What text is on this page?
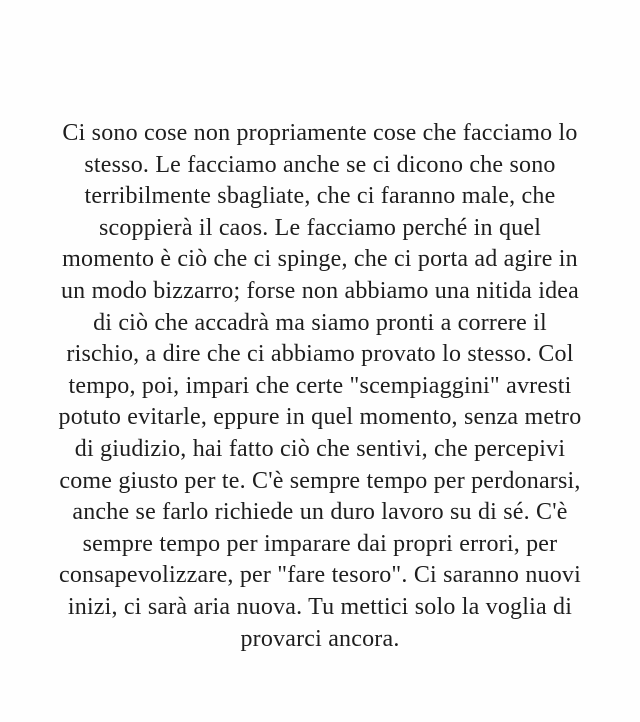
Ci sono cose non propriamente cose che facciamo lo
stesso. Le facciamo anche se ci dicono che sono
terribilmente sbagliate, che ci faranno male, che
scoppierà il caos. Le facciamo perché in quel
momento è ciò che ci spinge, che ci porta ad agire in
un modo bizzarro; forse non abbiamo una nitida idea
di ciò che accadrà ma siamo pronti a correre il
rischio, a dire che ci abbiamo provato lo stesso. Col
tempo, poi, impari che certe "scempiaggini" avresti
potuto evitarle, eppure in quel momento, senza metro
di giudizio, hai fatto ciò che sentivi, che percepivi
come giusto per te. C'è sempre tempo per perdonarsi,
anche se farlo richiede un duro lavoro su di sé. C'è
sempre tempo per imparare dai propri errori, per
consapevolizzare, per "fare tesoro". Ci saranno nuovi
inizi, ci sarà aria nuova. Tu mettici solo la voglia di
provarci ancora.
